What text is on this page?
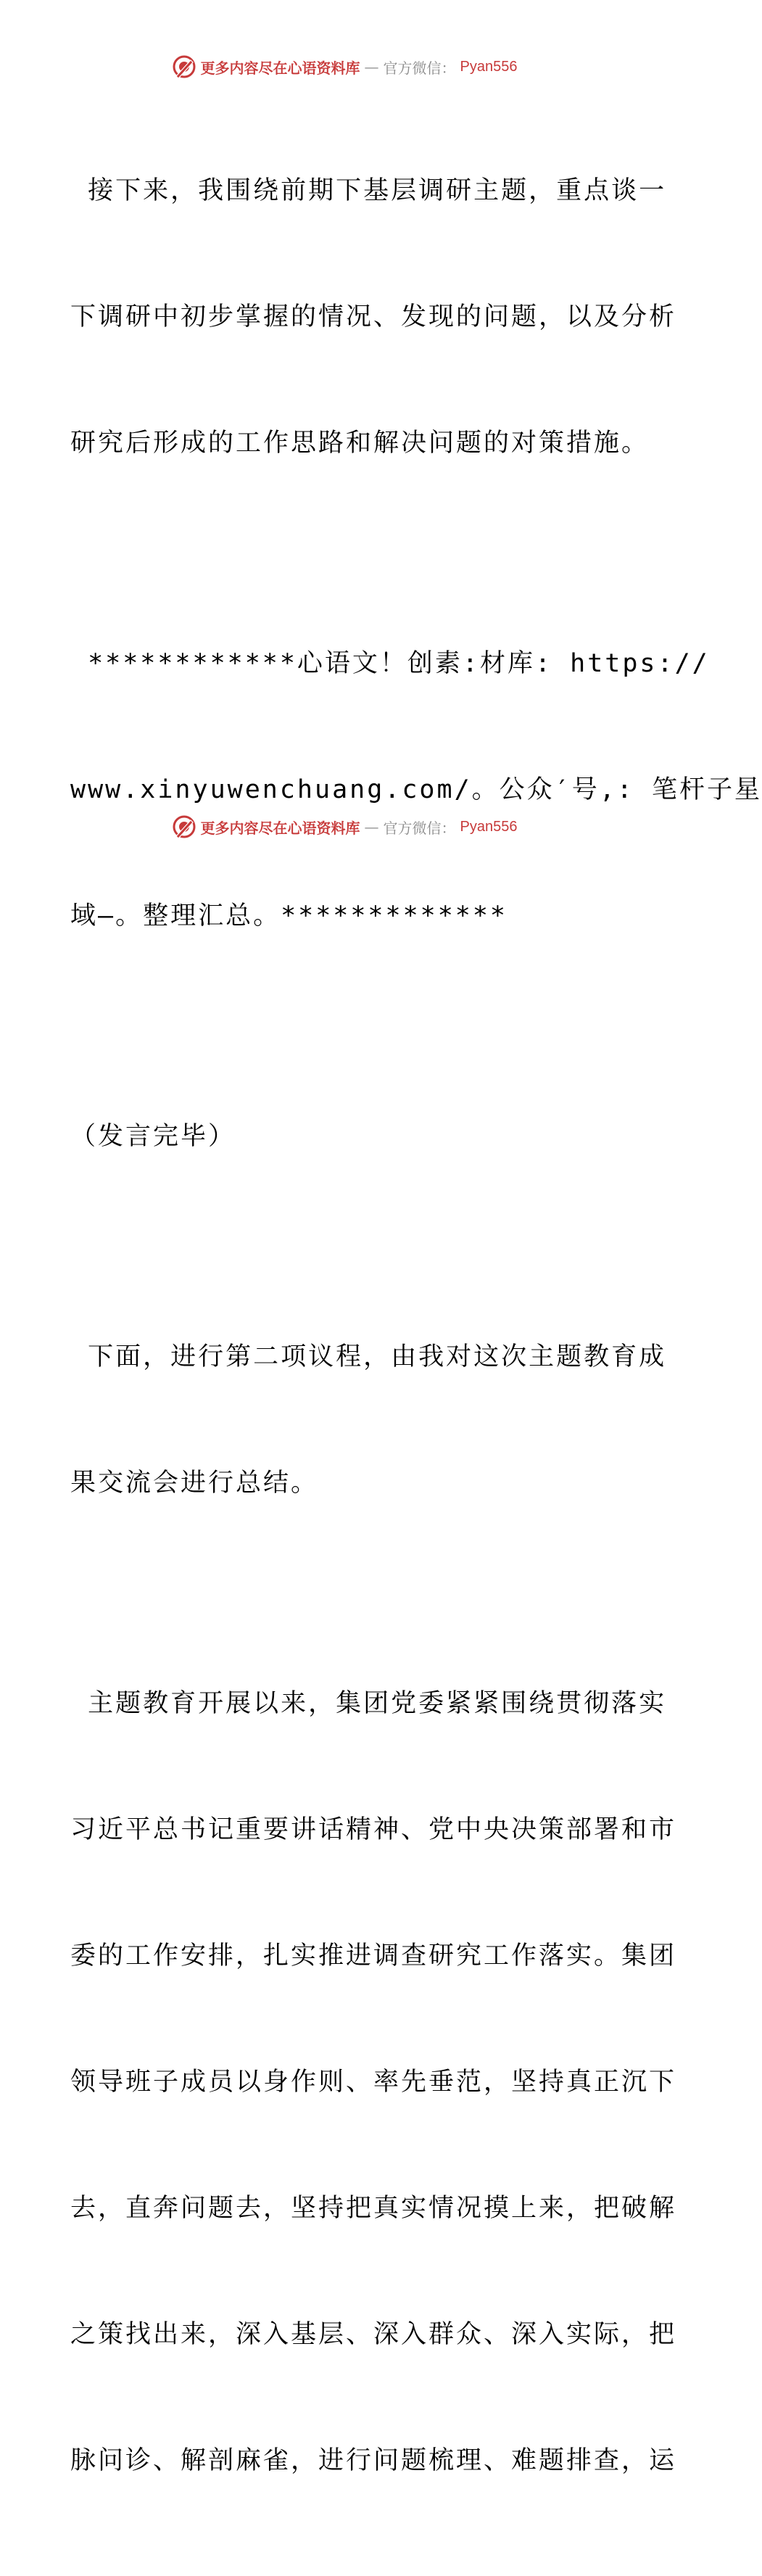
更多内容尽在心语资料库 — 官方微信： Pyan556

接下来，我围绕前期下基层调研主题，重点谈一

下调研中初步掌握的情况、发现的问题，以及分析

研究后形成的工作思路和解决问题的对策措施。

************心语文！创素:材库: https://

www.xinyuwenchuang.com/。公众′号,: 笔杆子星

域—。整理汇总。*************

（发言完毕）

下面，进行第二项议程，由我对这次主题教育成

果交流会进行总结。

主题教育开展以来，集团党委紧紧围绕贯彻落实

习近平总书记重要讲话精神、党中央决策部署和市

委的工作安排，扎实推进调查研究工作落实。集团

领导班子成员以身作则、率先垂范，坚持真正沉下

去，直奔问题去，坚持把真实情况摸上来，把破解

之策找出来，深入基层、深入群众、深入实际，把

脉问诊、解剖麻雀，进行问题梳理、难题排查，运

更多内容尽在心语资料库 — 官方微信： Pyan556
